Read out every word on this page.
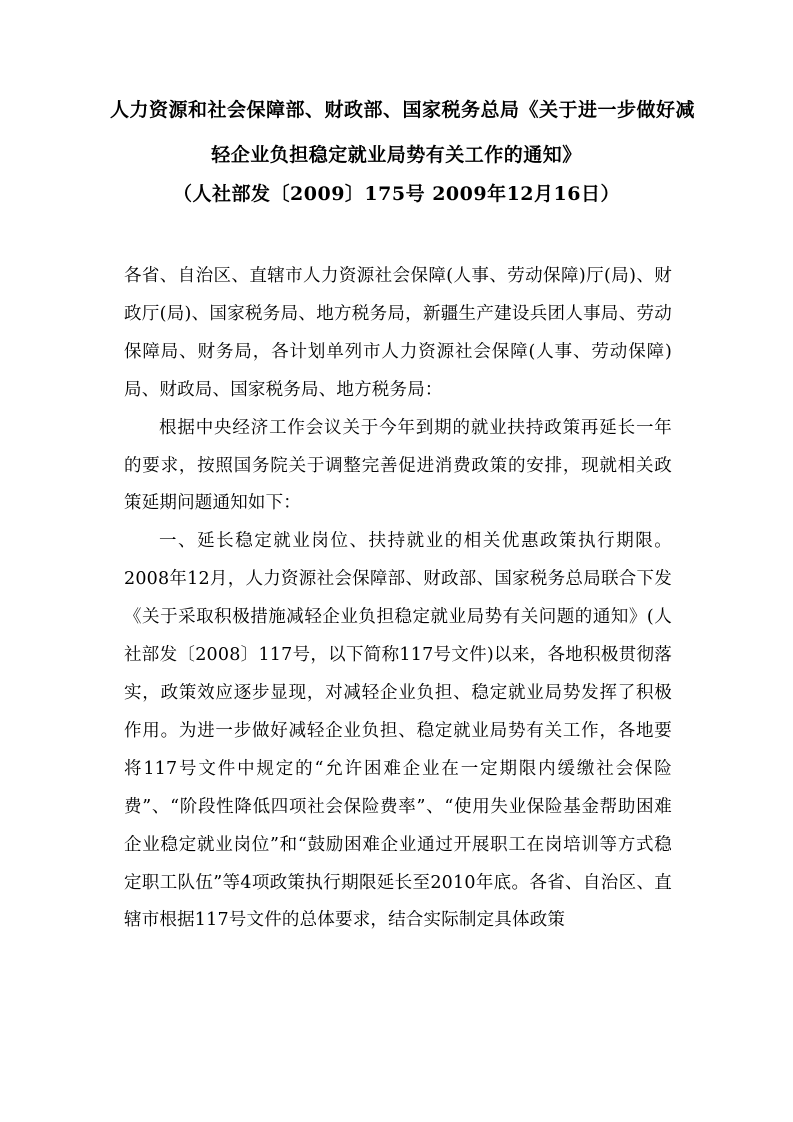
人力资源和社会保障部、财政部、国家税务总局《关于进一步做好减
轻企业负担稳定就业局势有关工作的通知》
（人社部发〔2009〕175号 2009年12月16日）

各省、自治区、直辖市人力资源社会保障(人事、劳动保障)厅(局)、财政厅(局)、国家税务局、地方税务局，新疆生产建设兵团人事局、劳动保障局、财务局，各计划单列市人力资源社会保障(人事、劳动保障)局、财政局、国家税务局、地方税务局：

根据中央经济工作会议关于今年到期的就业扶持政策再延长一年的要求，按照国务院关于调整完善促进消费政策的安排，现就相关政策延期问题通知如下：

一、延长稳定就业岗位、扶持就业的相关优惠政策执行期限。2008年12月，人力资源社会保障部、财政部、国家税务总局联合下发《关于采取积极措施减轻企业负担稳定就业局势有关问题的通知》(人社部发〔2008〕117号，以下简称117号文件)以来，各地积极贯彻落实，政策效应逐步显现，对减轻企业负担、稳定就业局势发挥了积极作用。为进一步做好减轻企业负担、稳定就业局势有关工作，各地要将117号文件中规定的“允许困难企业在一定期限内缓缴社会保险费”、“阶段性降低四项社会保险费率”、“使用失业保险基金帮助困难企业稳定就业岗位”和“鼓励困难企业通过开展职工在岗培训等方式稳定职工队伍”等4项政策执行期限延长至2010年底。各省、自治区、直辖市根据117号文件的总体要求，结合实际制定具体政策
